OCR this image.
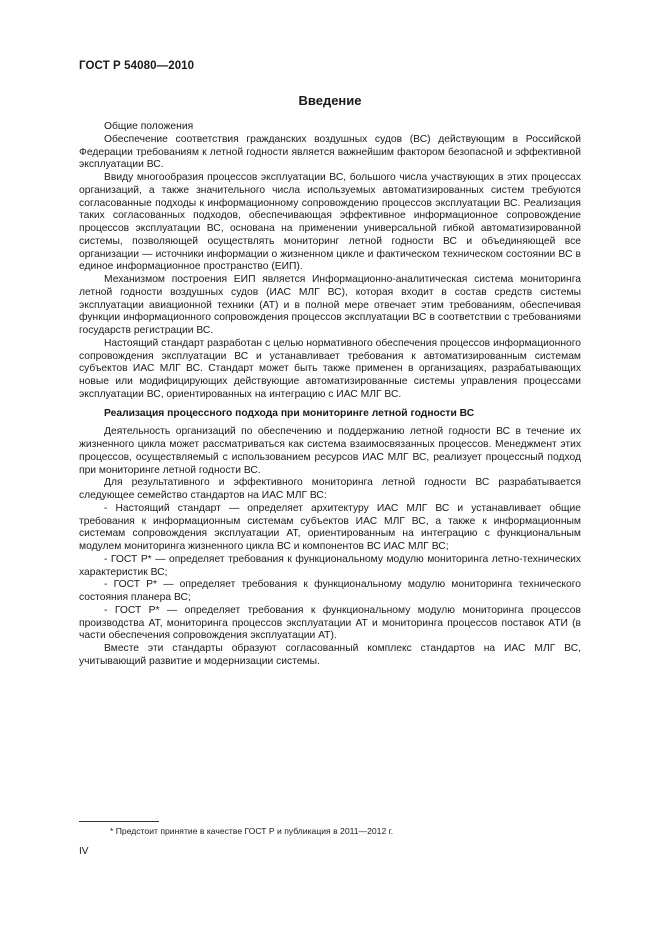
ГОСТ Р 54080—2010
Введение

Общие положения

Обеспечение соответствия гражданских воздушных судов (ВС) действующим в Российской Федерации требованиям к летной годности является важнейшим фактором безопасной и эффективной эксплуатации ВС.

Ввиду многообразия процессов эксплуатации ВС, большого числа участвующих в этих процессах организаций, а также значительного числа используемых автоматизированных систем требуются согласованные подходы к информационному сопровождению процессов эксплуатации ВС. Реализация таких согласованных подходов, обеспечивающая эффективное информационное сопровождение процессов эксплуатации ВС, основана на применении универсальной гибкой автоматизированной системы, позволяющей осуществлять мониторинг летной годности ВС и объединяющей все организации — источники информации о жизненном цикле и фактическом техническом состоянии ВС в единое информационное пространство (ЕИП).

Механизмом построения ЕИП является Информационно-аналитическая система мониторинга летной годности воздушных судов (ИАС МЛГ ВС), которая входит в состав средств системы эксплуатации авиационной техники (АТ) и в полной мере отвечает этим требованиям, обеспечивая функции информационного сопровождения процессов эксплуатации ВС в соответствии с требованиями государств регистрации ВС.

Настоящий стандарт разработан с целью нормативного обеспечения процессов информационного сопровождения эксплуатации ВС и устанавливает требования к автоматизированным системам субъектов ИАС МЛГ ВС. Стандарт может быть также применен в организациях, разрабатывающих новые или модифицирующих действующие автоматизированные системы управления процессами эксплуатации ВС, ориентированных на интеграцию с ИАС МЛГ ВС.

Реализация процессного подхода при мониторинге летной годности ВС

Деятельность организаций по обеспечению и поддержанию летной годности ВС в течение их жизненного цикла может рассматриваться как система взаимосвязанных процессов. Менеджмент этих процессов, осуществляемый с использованием ресурсов ИАС МЛГ ВС, реализует процессный подход при мониторинге летной годности ВС.

Для результативного и эффективного мониторинга летной годности ВС разрабатывается следующее семейство стандартов на ИАС МЛГ ВС:

- Настоящий стандарт — определяет архитектуру ИАС МЛГ ВС и устанавливает общие требования к информационным системам субъектов ИАС МЛГ ВС, а также к информационным системам сопровождения эксплуатации АТ, ориентированным на интеграцию с функциональным модулем мониторинга жизненного цикла ВС и компонентов ВС ИАС МЛГ ВС;

- ГОСТ Р* — определяет требования к функциональному модулю мониторинга летно-технических характеристик ВС;

- ГОСТ Р* — определяет требования к функциональному модулю мониторинга технического состояния планера ВС;

- ГОСТ Р* — определяет требования к функциональному модулю мониторинга процессов производства АТ, мониторинга процессов эксплуатации АТ и мониторинга процессов поставок АТИ (в части обеспечения сопровождения эксплуатации АТ).

Вместе эти стандарты образуют согласованный комплекс стандартов на ИАС МЛГ ВС, учитывающий развитие и модернизации системы.

* Предстоит принятие в качестве ГОСТ Р и публикация в 2011—2012 г.
IV
